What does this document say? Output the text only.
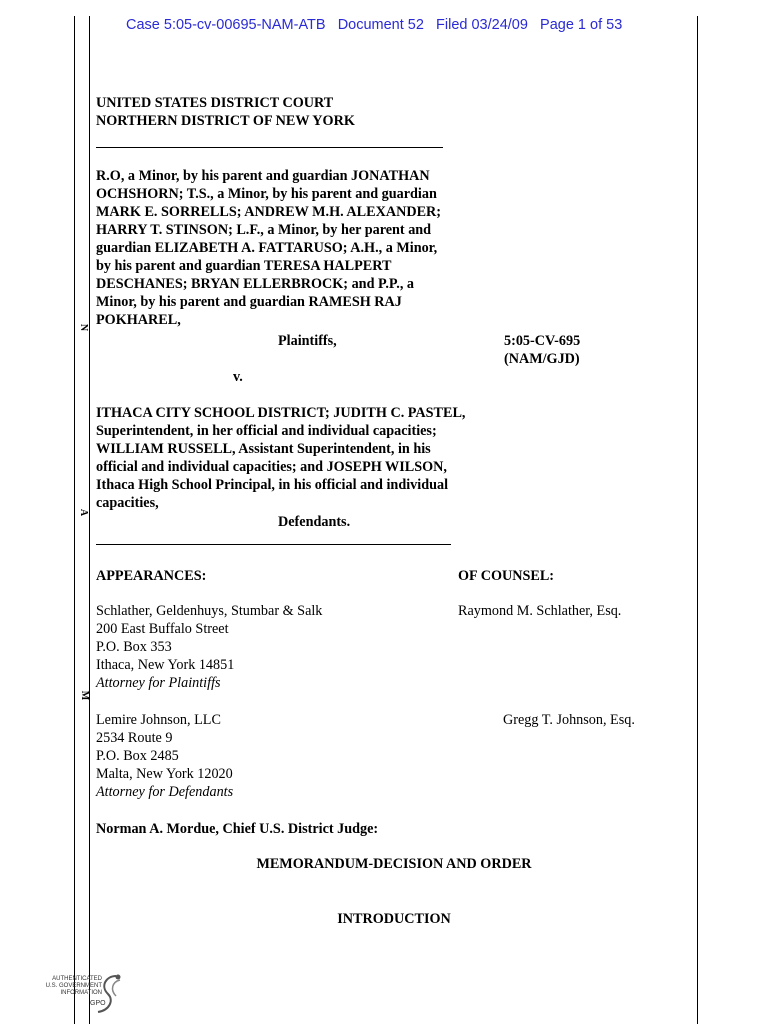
Case 5:05-cv-00695-NAM-ATB Document 52 Filed 03/24/09 Page 1 of 53
UNITED STATES DISTRICT COURT
NORTHERN DISTRICT OF NEW YORK
R.O, a Minor, by his parent and guardian JONATHAN
OCHSHORN; T.S., a Minor, by his parent and guardian
MARK E. SORRELLS; ANDREW M.H. ALEXANDER;
HARRY T. STINSON; L.F., a Minor, by her parent and
guardian ELIZABETH A. FATTARUSO; A.H., a Minor,
by his parent and guardian TERESA HALPERT
DESCHANES; BRYAN ELLERBROCK; and P.P., a
Minor, by his parent and guardian RAMESH RAJ
POKHAREL,
Plaintiffs,	5:05-CV-695
(NAM/GJD)
v.
ITHACA CITY SCHOOL DISTRICT; JUDITH C. PASTEL,
Superintendent, in her official and individual capacities;
WILLIAM RUSSELL, Assistant Superintendent, in his
official and individual capacities; and JOSEPH WILSON,
Ithaca High School Principal, in his official and individual
capacities,
Defendants.
APPEARANCES:	OF COUNSEL:
Schlather, Geldenhuys, Stumbar & Salk
200 East Buffalo Street
P.O. Box 353
Ithaca, New York 14851
Attorney for Plaintiffs
Raymond M. Schlather, Esq.
Lemire Johnson, LLC
2534 Route 9
P.O. Box 2485
Malta, New York 12020
Attorney for Defendants
Gregg T. Johnson, Esq.
Norman A. Mordue, Chief U.S. District Judge:
MEMORANDUM-DECISION AND ORDER
INTRODUCTION
N
A
M
AUTHENTICATED
U.S. GOVERNMENT
INFORMATION
GPO
